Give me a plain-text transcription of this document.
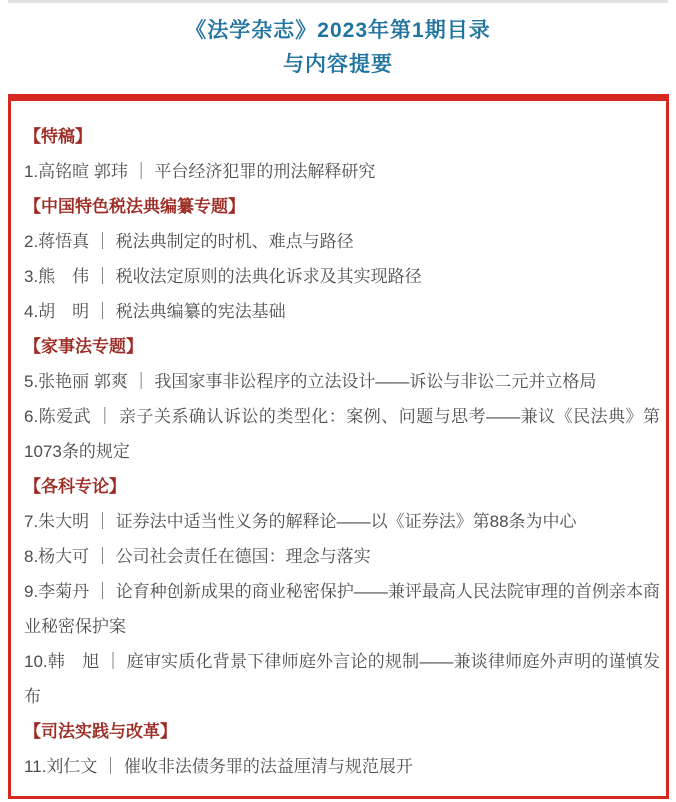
《法学杂志》2023年第1期目录
与内容提要
【特稿】
1.高铭暄 郭玮 ｜ 平台经济犯罪的刑法解释研究
【中国特色税法典编纂专题】
2.蒋悟真 ｜ 税法典制定的时机、难点与路径
3.熊　伟 ｜ 税收法定原则的法典化诉求及其实现路径
4.胡　明 ｜ 税法典编纂的宪法基础
【家事法专题】
5.张艳丽 郭爽 ｜ 我国家事非讼程序的立法设计——诉讼与非讼二元并立格局
6.陈爱武 ｜ 亲子关系确认诉讼的类型化：案例、问题与思考——兼议《民法典》第1073条的规定
【各科专论】
7.朱大明 ｜ 证券法中适当性义务的解释论——以《证券法》第88条为中心
8.杨大可 ｜ 公司社会责任在德国：理念与落实
9.李菊丹 ｜ 论育种创新成果的商业秘密保护——兼评最高人民法院审理的首例亲本商业秘密保护案
10.韩　旭 ｜ 庭审实质化背景下律师庭外言论的规制——兼谈律师庭外声明的谨慎发布
【司法实践与改革】
11.刘仁文 ｜ 催收非法债务罪的法益厘清与规范展开
